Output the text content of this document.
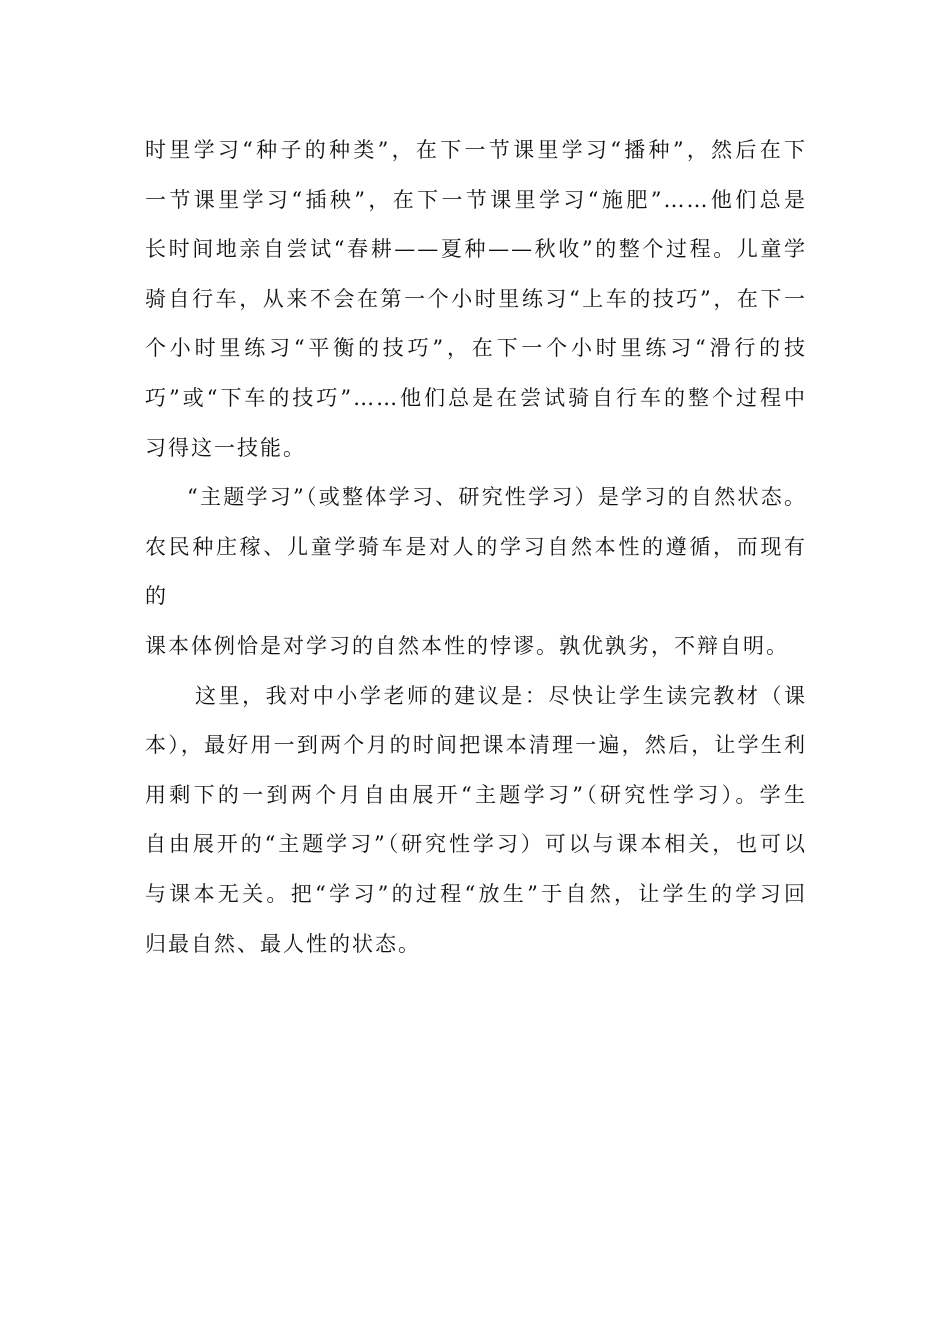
时里学习“种子的种类”，在下一节课里学习“播种”，然后在下
一节课里学习“插秧”，在下一节课里学习“施肥”……他们总是
长时间地亲自尝试“春耕——夏种——秋收”的整个过程。儿童学
骑自行车，从来不会在第一个小时里练习“上车的技巧”，在下一
个小时里练习“平衡的技巧”，在下一个小时里练习“滑行的技
巧”或“下车的技巧”……他们总是在尝试骑自行车的整个过程中
习得这一技能。

“主题学习”（或整体学习、研究性学习）是学习的自然状态。
农民种庄稼、儿童学骑车是对人的学习自然本性的遵循，而现有的
课本体例恰是对学习的自然本性的悖谬。孰优孰劣，不辩自明。

这里，我对中小学老师的建议是：尽快让学生读完教材（课
本），最好用一到两个月的时间把课本清理一遍，然后，让学生利
用剩下的一到两个月自由展开“主题学习”（研究性学习）。学生
自由展开的“主题学习”（研究性学习）可以与课本相关，也可以
与课本无关。把“学习”的过程“放生”于自然，让学生的学习回
归最自然、最人性的状态。
